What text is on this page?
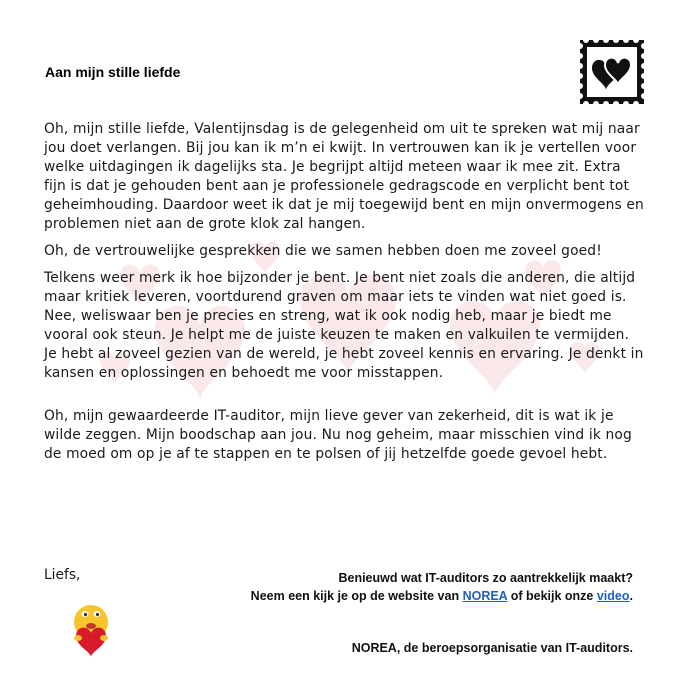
Aan mijn stille liefde

Oh, mijn stille liefde, Valentijnsdag is de gelegenheid om uit te spreken wat mij naar jou doet verlangen. Bij jou kan ik m’n ei kwijt. In vertrouwen kan ik je vertellen voor welke uitdagingen ik dagelijks sta. Je begrijpt altijd meteen waar ik mee zit. Extra fijn is dat je gehouden bent aan je professionele gedragscode en verplicht bent tot geheimhouding. Daardoor weet ik dat je mij toegewijd bent en mijn onvermogens en problemen niet aan de grote klok zal hangen.

Oh, de vertrouwelijke gesprekken die we samen hebben doen me zoveel goed!

Telkens weer merk ik hoe bijzonder je bent. Je bent niet zoals die anderen, die altijd maar kritiek leveren, voortdurend graven om maar iets te vinden wat niet goed is. Nee, weliswaar ben je precies en streng, wat ik ook nodig heb, maar je biedt me vooral ook steun. Je helpt me de juiste keuzen te maken en valkuilen te vermijden. Je hebt al zoveel gezien van de wereld, je hebt zoveel kennis en ervaring. Je denkt in kansen en oplossingen en behoedt me voor misstappen.

Oh, mijn gewaardeerde IT-auditor, mijn lieve gever van zekerheid, dit is wat ik je wilde zeggen. Mijn boodschap aan jou. Nu nog geheim, maar misschien vind ik nog de moed om op je af te stappen en te polsen of jij hetzelfde goede gevoel hebt.

Liefs,	Benieuwd wat IT-auditors zo aantrekkelijk maakt?
Neem een kijk je op de website van NOREA of bekijk onze video.
NOREA, de beroepsorganisatie van IT-auditors.
